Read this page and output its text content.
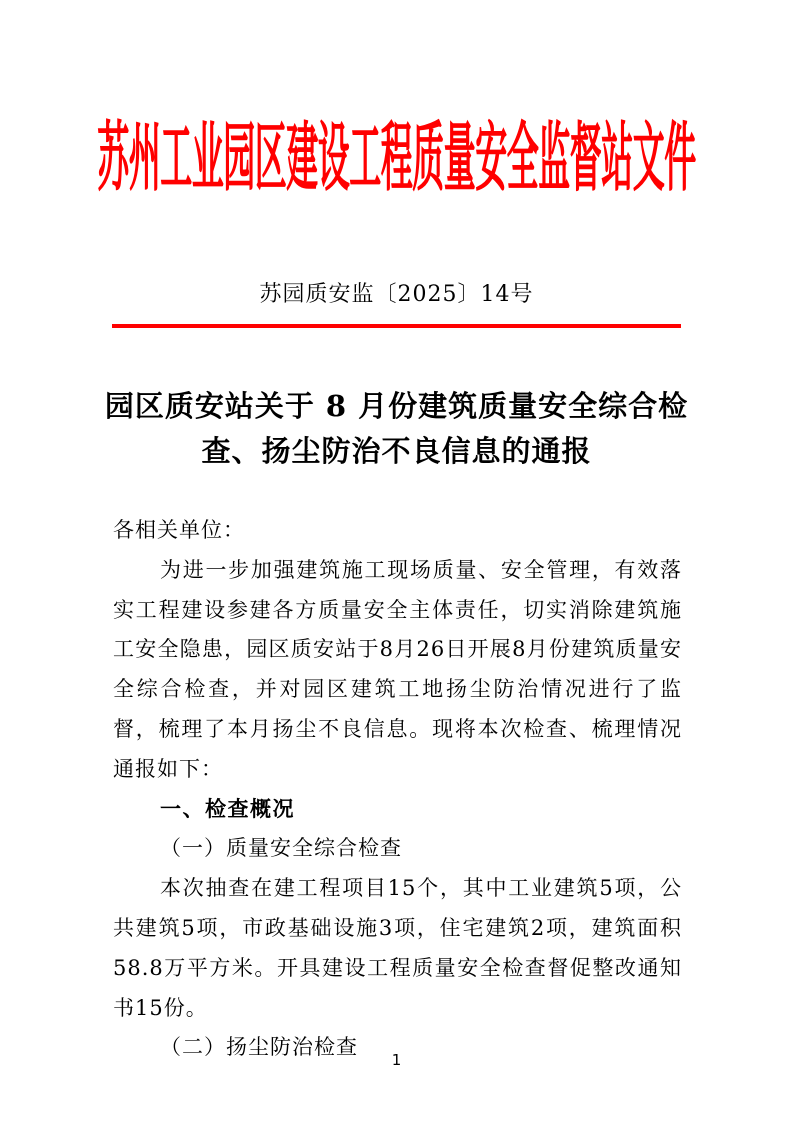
苏州工业园区建设工程质量安全监督站文件
苏园质安监〔2025〕14号
园区质安站关于 8 月份建筑质量安全综合检
查、扬尘防治不良信息的通报

各相关单位：

为进一步加强建筑施工现场质量、安全管理，有效落实工程建设参建各方质量安全主体责任，切实消除建筑施工安全隐患，园区质安站于8月26日开展8月份建筑质量安全综合检查，并对园区建筑工地扬尘防治情况进行了监督，梳理了本月扬尘不良信息。现将本次检查、梳理情况通报如下：

一、检查概况

（一）质量安全综合检查

本次抽查在建工程项目15个，其中工业建筑5项，公共建筑5项，市政基础设施3项，住宅建筑2项，建筑面积58.8万平方米。开具建设工程质量安全检查督促整改通知书15份。

（二）扬尘防治检查

1
